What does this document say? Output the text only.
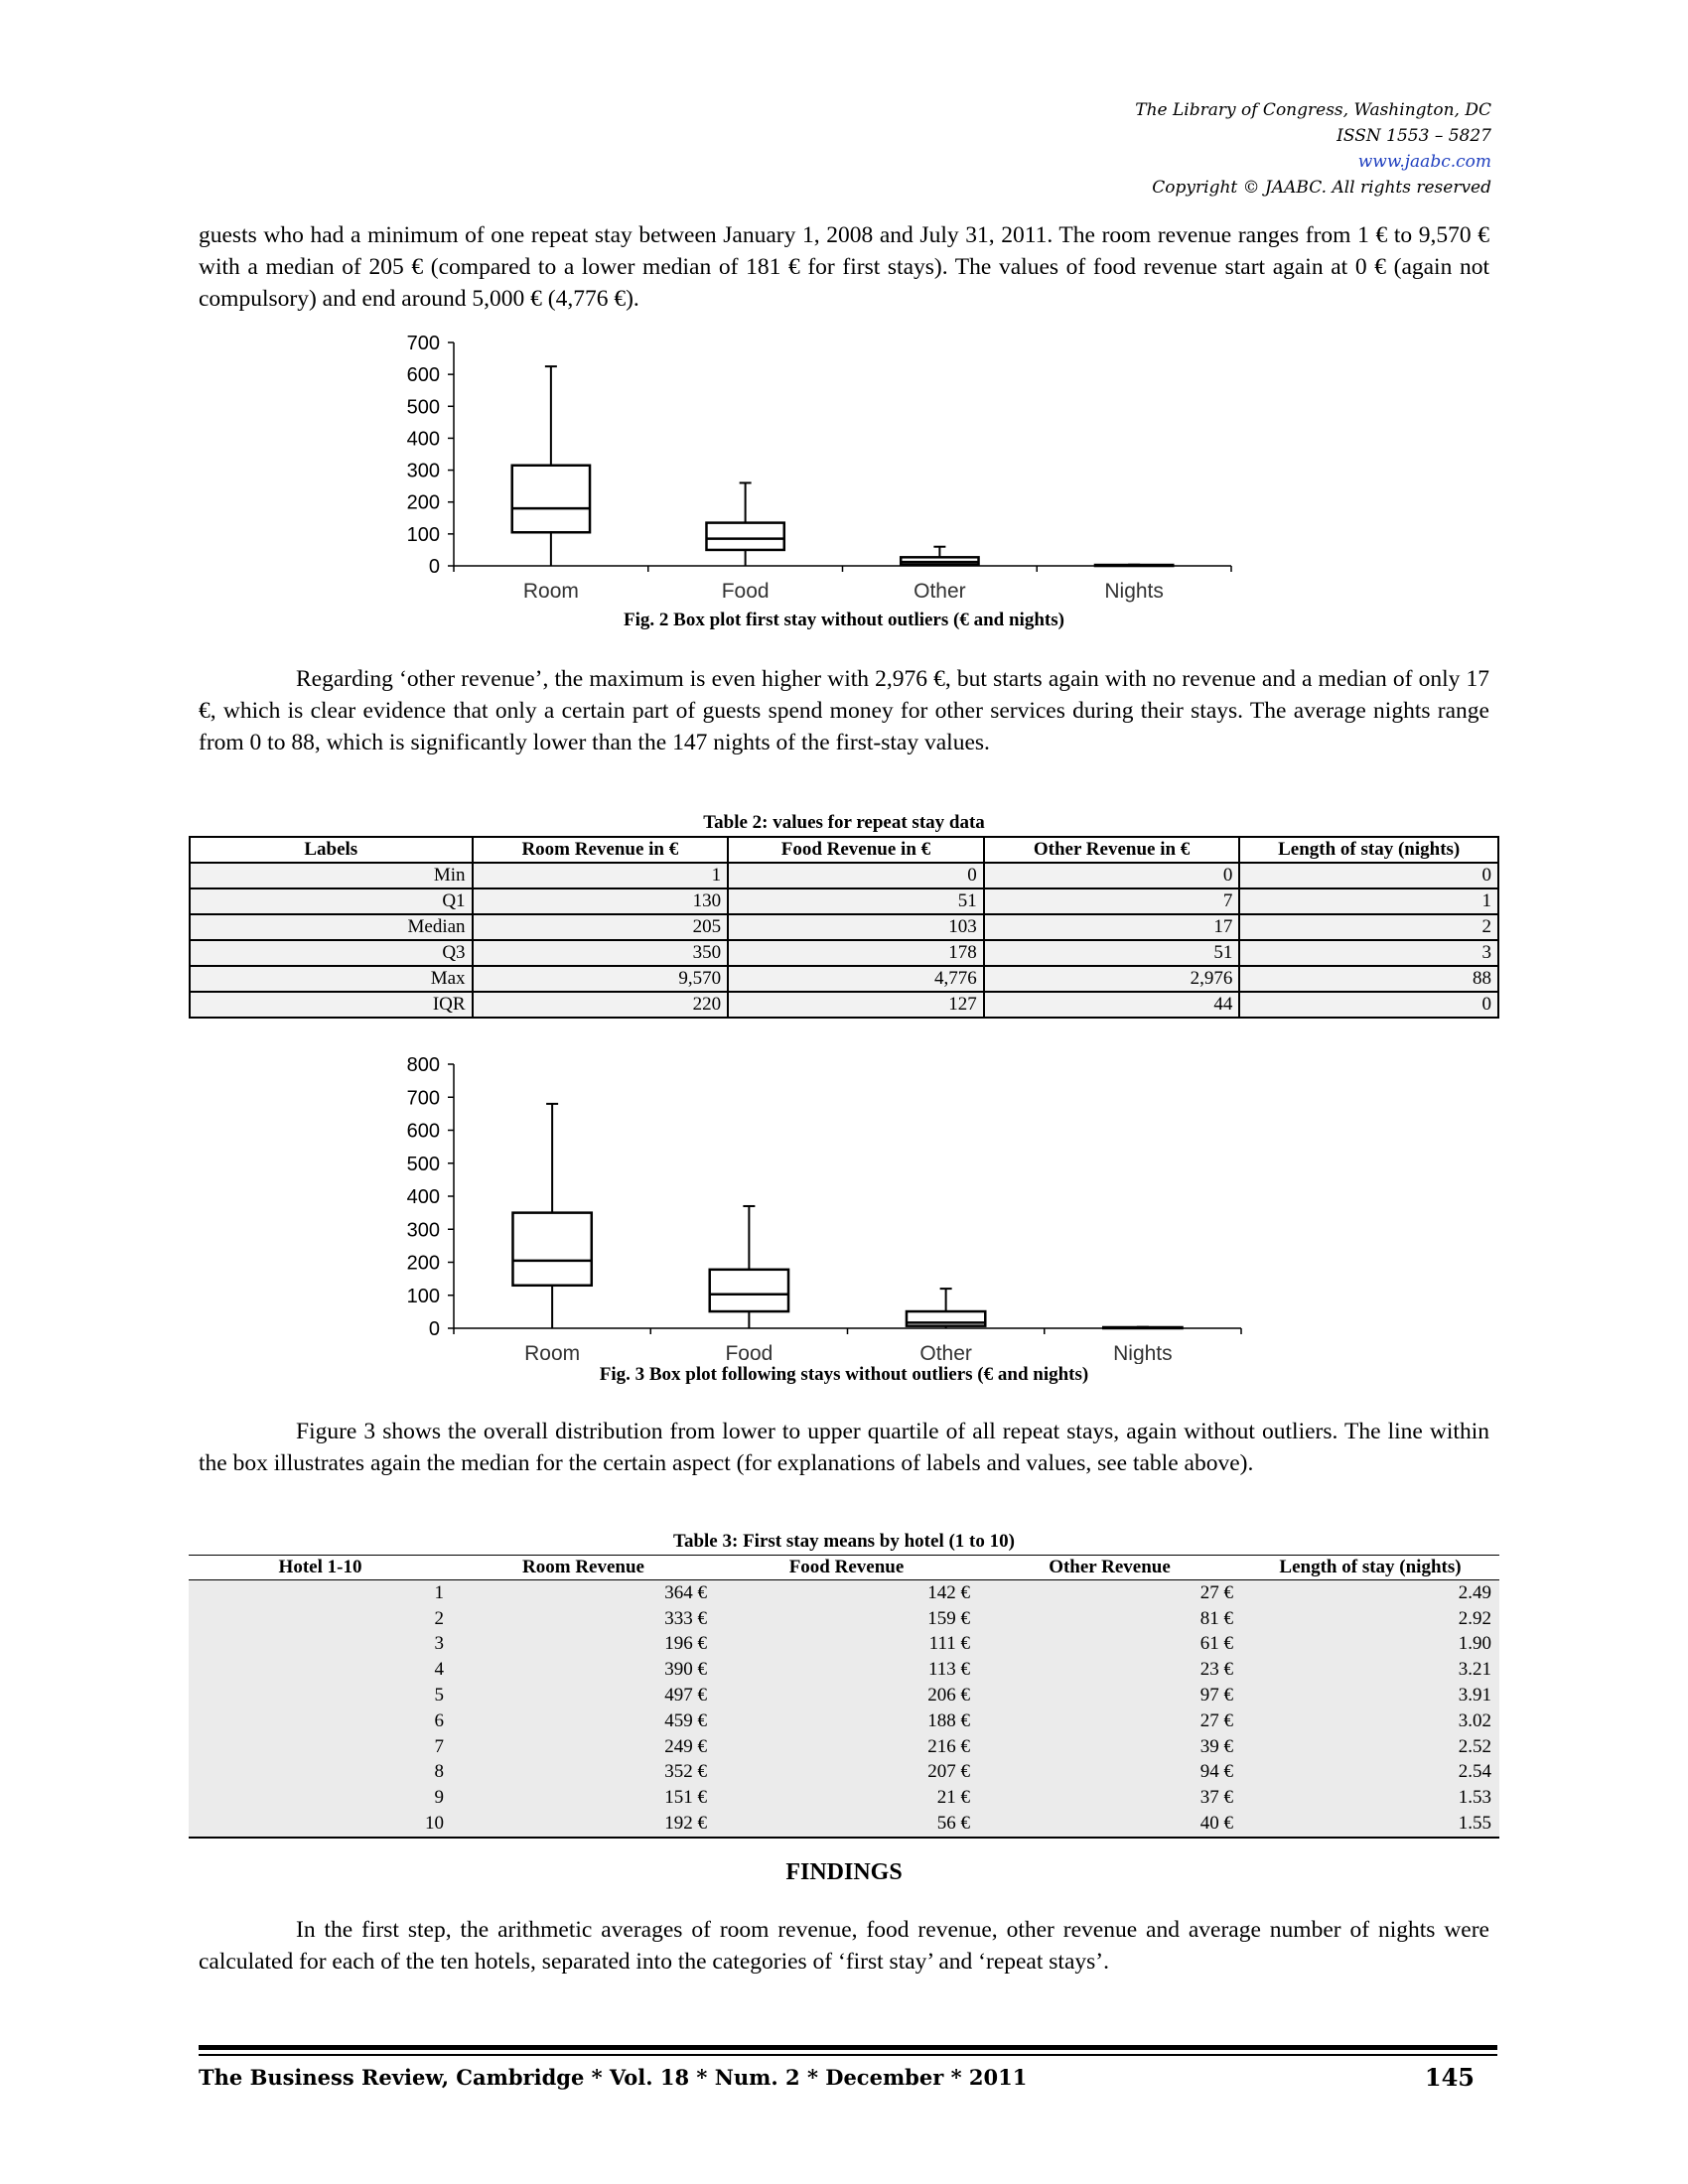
The Library of Congress, Washington, DC
ISSN 1553 – 5827
www.jaabc.com
Copyright © JAABC. All rights reserved
guests who had a minimum of one repeat stay between January 1, 2008 and July 31, 2011. The room revenue ranges from 1 € to 9,570 € with a median of 205 € (compared to a lower median of 181 € for first stays). The values of food revenue start again at 0 € (again not compulsory) and end around 5,000 € (4,776 €).
0
100
200
300
400
500
600
700
Room	Food	Other	Nights
Fig. 2 Box plot first stay without outliers (€ and nights)
Regarding ‘other revenue’, the maximum is even higher with 2,976 €, but starts again with no revenue and a median of only 17 €, which is clear evidence that only a certain part of guests spend money for other services during their stays. The average nights range from 0 to 88, which is significantly lower than the 147 nights of the first-stay values.
Table 2: values for repeat stay data
Labels	Room Revenue in €	Food Revenue in €	Other Revenue in €	Length of stay (nights)
Min	1	0	0	0
Q1	130	51	7	1
Median	205	103	17	2
Q3	350	178	51	3
Max	9,570	4,776	2,976	88
IQR	220	127	44	0
0
100
200
300
400
500
600
700
800
Room	Food	Other	Nights
Fig. 3 Box plot following stays without outliers (€ and nights)
Figure 3 shows the overall distribution from lower to upper quartile of all repeat stays, again without outliers. The line within the box illustrates again the median for the certain aspect (for explanations of labels and values, see table above).
Table 3: First stay means by hotel (1 to 10)
Hotel 1-10	Room Revenue	Food Revenue	Other Revenue	Length of stay (nights)
1	364 €	142 €	27 €	2.49
2	333 €	159 €	81 €	2.92
3	196 €	111 €	61 €	1.90
4	390 €	113 €	23 €	3.21
5	497 €	206 €	97 €	3.91
6	459 €	188 €	27 €	3.02
7	249 €	216 €	39 €	2.52
8	352 €	207 €	94 €	2.54
9	151 €	21 €	37 €	1.53
10	192 €	56 €	40 €	1.55
FINDINGS
In the first step, the arithmetic averages of room revenue, food revenue, other revenue and average number of nights were calculated for each of the ten hotels, separated into the categories of ‘first stay’ and ‘repeat stays’.
The Business Review, Cambridge * Vol. 18 * Num. 2 * December * 2011	145
